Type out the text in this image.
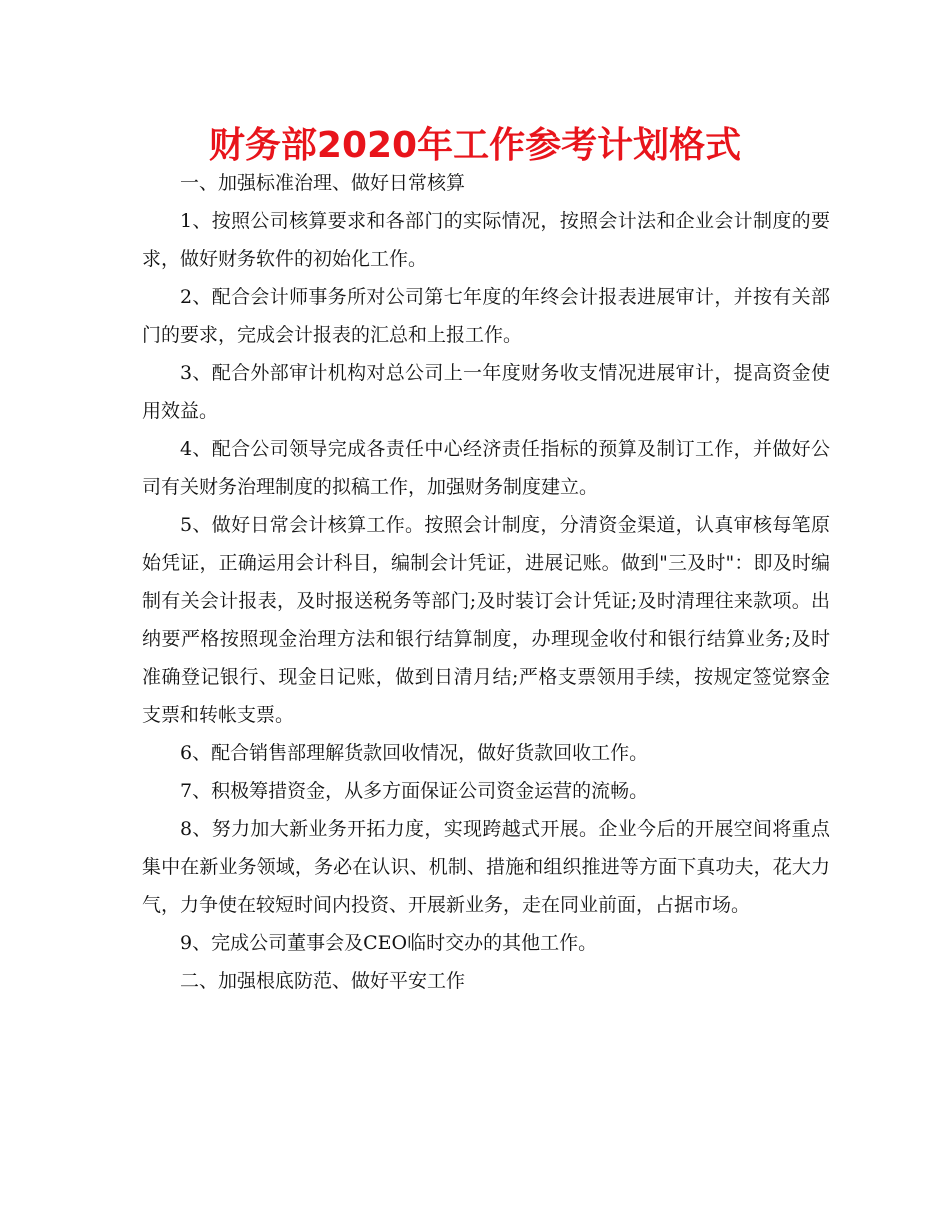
财务部2020年工作参考计划格式

一、加强标准治理、做好日常核算

1、按照公司核算要求和各部门的实际情况，按照会计法和企业会计制度的要求，做好财务软件的初始化工作。

2、配合会计师事务所对公司第七年度的年终会计报表进展审计，并按有关部门的要求，完成会计报表的汇总和上报工作。

3、配合外部审计机构对总公司上一年度财务收支情况进展审计，提高资金使用效益。

4、配合公司领导完成各责任中心经济责任指标的预算及制订工作，并做好公司有关财务治理制度的拟稿工作，加强财务制度建立。

5、做好日常会计核算工作。按照会计制度，分清资金渠道，认真审核每笔原始凭证，正确运用会计科目，编制会计凭证，进展记账。做到"三及时"：即及时编制有关会计报表，及时报送税务等部门;及时装订会计凭证;及时清理往来款项。出纳要严格按照现金治理方法和银行结算制度，办理现金收付和银行结算业务;及时准确登记银行、现金日记账，做到日清月结;严格支票领用手续，按规定签觉察金支票和转帐支票。

6、配合销售部理解货款回收情况，做好货款回收工作。

7、积极筹措资金，从多方面保证公司资金运营的流畅。

8、努力加大新业务开拓力度，实现跨越式开展。企业今后的开展空间将重点集中在新业务领域，务必在认识、机制、措施和组织推进等方面下真功夫，花大力气，力争使在较短时间内投资、开展新业务，走在同业前面，占据市场。

9、完成公司董事会及CEO临时交办的其他工作。

二、加强根底防范、做好平安工作
